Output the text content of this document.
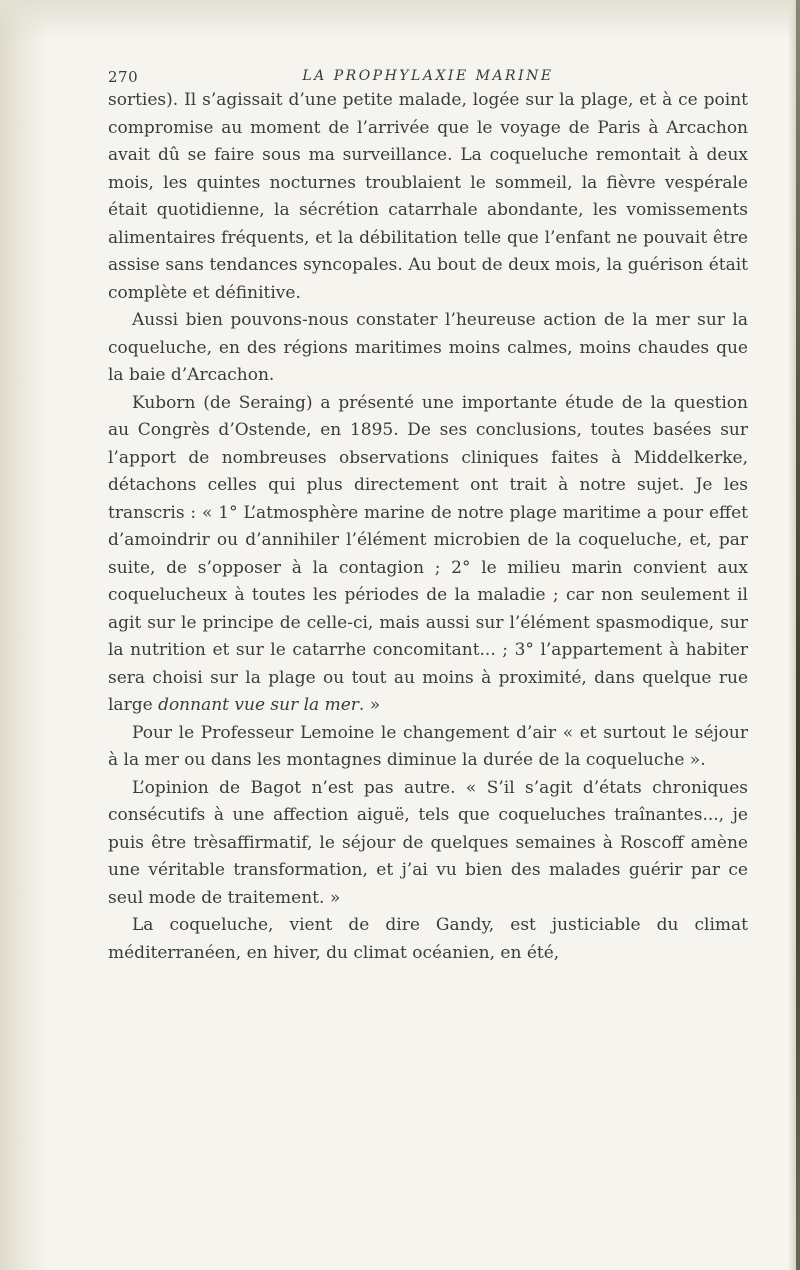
270	LA PROPHYLAXIE MARINE

sorties). Il s’agissait d’une petite malade, logée sur la plage, et à ce point compromise au moment de l’arrivée que le voyage de Paris à Arcachon avait dû se faire sous ma surveillance. La coqueluche remontait à deux mois, les quintes nocturnes troublaient le sommeil, la fièvre vespérale était quotidienne, la sécrétion catarrhale abondante, les vomissements alimentaires fréquents, et la débilitation telle que l’enfant ne pouvait être assise sans tendances syncopales. Au bout de deux mois, la guérison était complète et définitive.

Aussi bien pouvons-nous constater l’heureuse action de la mer sur la coqueluche, en des régions maritimes moins calmes, moins chaudes que la baie d’Arcachon.

Kuborn (de Seraing) a présenté une importante étude de la question au Congrès d’Ostende, en 1895. De ses conclusions, toutes basées sur l’apport de nombreuses observations cliniques faites à Middelkerke, détachons celles qui plus directement ont trait à notre sujet. Je les transcris : « 1° L’atmosphère marine de notre plage maritime a pour effet d’amoindrir ou d’annihiler l’élément microbien de la coqueluche, et, par suite, de s’opposer à la contagion ; 2° le milieu marin convient aux coquelucheux à toutes les périodes de la maladie ; car non seulement il agit sur le principe de celle-ci, mais aussi sur l’élément spasmodique, sur la nutrition et sur le catarrhe concomitant... ; 3° l’appartement à habiter sera choisi sur la plage ou tout au moins à proximité, dans quelque rue large donnant vue sur la mer. »

Pour le Professeur Lemoine le changement d’air « et surtout le séjour à la mer ou dans les montagnes diminue la durée de la coqueluche ».

L’opinion de Bagot n’est pas autre. « S’il s’agit d’états chroniques consécutifs à une affection aiguë, tels que coqueluches traînantes..., je puis être trèsaffirmatif, le séjour de quelques semaines à Roscoff amène une véritable transformation, et j’ai vu bien des malades guérir par ce seul mode de traitement. »

La coqueluche, vient de dire Gandy, est justiciable du climat méditerranéen, en hiver, du climat océanien, en été,
